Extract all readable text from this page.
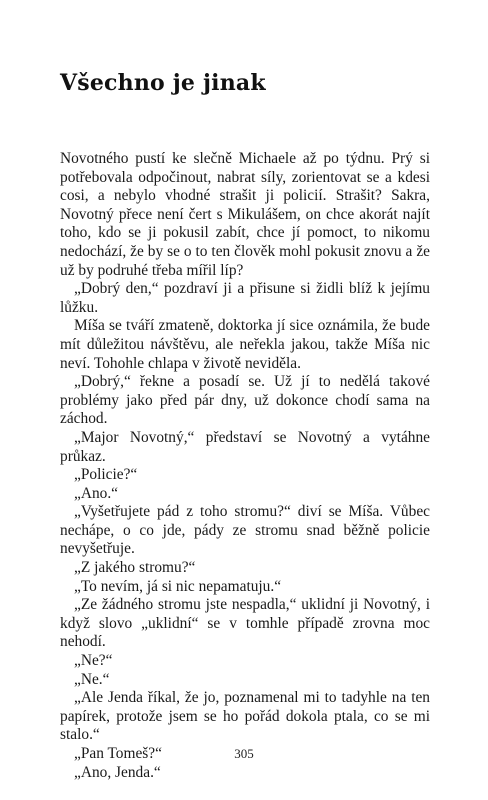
Všechno je jinak

Novotného pustí ke slečně Michaele až po týdnu. Prý si potřebovala odpočinout, nabrat síly, zorientovat se a kdesi cosi, a nebylo vhodné strašit ji policií. Strašit? Sakra, Novotný přece není čert s Mikulášem, on chce akorát najít toho, kdo se ji pokusil zabít, chce jí pomoct, to nikomu nedochází, že by se o to ten člověk mohl pokusit znovu a že už by podruhé třeba mířil líp?

„Dobrý den,“ pozdraví ji a přisune si židli blíž k jejímu lůžku.

Míša se tváří zmateně, doktorka jí sice oznámila, že bude mít důležitou návštěvu, ale neřekla jakou, takže Míša nic neví. Tohohle chlapa v životě neviděla.

„Dobrý,“ řekne a posadí se. Už jí to nedělá takové problémy jako před pár dny, už dokonce chodí sama na záchod.

„Major Novotný,“ představí se Novotný a vytáhne průkaz.

„Policie?“

„Ano.“

„Vyšetřujete pád z toho stromu?“ diví se Míša. Vůbec nechápe, o co jde, pády ze stromu snad běžně policie nevyšetřuje.

„Z jakého stromu?“

„To nevím, já si nic nepamatuju.“

„Ze žádného stromu jste nespadla,“ uklidní ji Novotný, i když slovo „uklidní“ se v tomhle případě zrovna moc nehodí.

„Ne?“

„Ne.“

„Ale Jenda říkal, že jo, poznamenal mi to tadyhle na ten papírek, protože jsem se ho pořád dokola ptala, co se mi stalo.“

„Pan Tomeš?“

„Ano, Jenda.“

305
